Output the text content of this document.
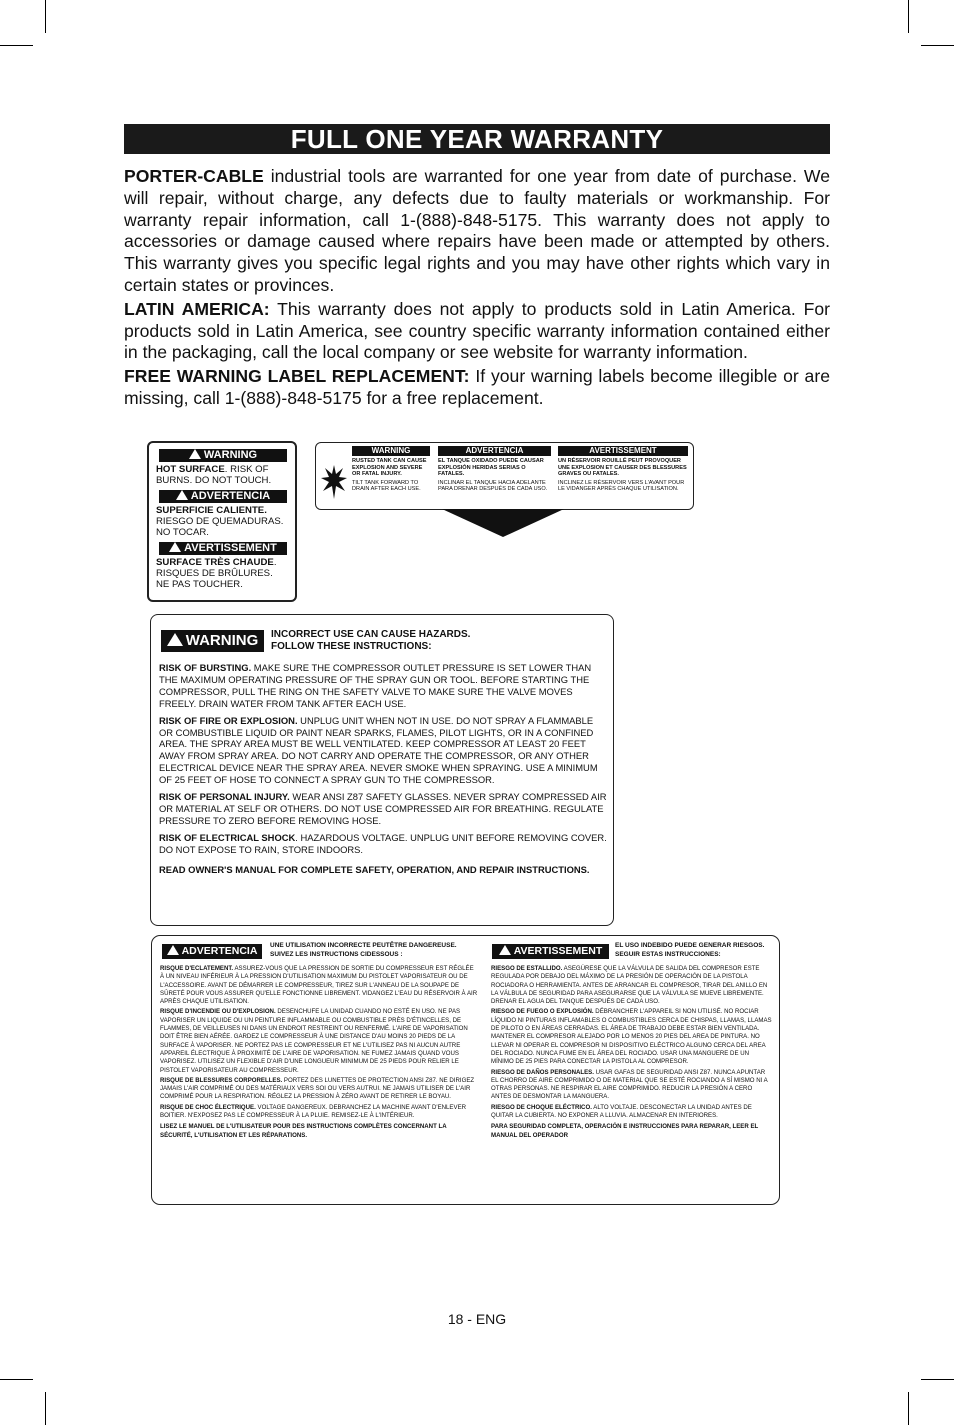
FULL ONE YEAR WARRANTY

PORTER-CABLE industrial tools are warranted for one year from date of purchase. We will repair, without charge, any defects due to faulty materials or workmanship. For warranty repair information, call 1-(888)-848-5175. This warranty does not apply to accessories or damage caused where repairs have been made or attempted by others. This warranty gives you specific legal rights and you may have other rights which vary in certain states or provinces.

LATIN AMERICA: This warranty does not apply to products sold in Latin America. For products sold in Latin America, see country specific warranty information contained either in the packaging, call the local company or see website for warranty information.

FREE WARNING LABEL REPLACEMENT: If your warning labels become illegible or are missing, call 1-(888)-848-5175 for a free replacement.

WARNING
HOT SURFACE. RISK OF BURNS. DO NOT TOUCH.
ADVERTENCIA
SUPERFICIE CALIENTE.
RIESGO DE QUEMADURAS. NO TOCAR.
AVERTISSEMENT
SURFACE TRÈS CHAUDE. RISQUES DE BRÛLURES. NE PAS TOUCHER.
WARNING
RUSTED TANK CAN CAUSE EXPLOSION AND SEVERE OR FATAL INJURY.
TILT TANK FORWARD TO DRAIN AFTER EACH USE.
ADVERTENCIA
EL TANQUE OXIDADO PUEDE CAUSAR EXPLOSIÓN HERIDAS SERIAS O FATALES.
INCLINAR EL TANQUE HACIA ADELANTE PARA DRENAR DESPUÉS DE CADA USO.
AVERTISSEMENT
UN RÉSERVOIR ROUILLÉ PEUT PROVOQUER UNE EXPLOSION ET CAUSER DES BLESSURES GRAVES OU FATALES.
INCLINEZ LE RÉSERVOIR VERS L'AVANT POUR LE VIDANGER APRÈS CHAQUE UTILISATION.
WARNING	INCORRECT USE CAN CAUSE HAZARDS. FOLLOW THESE INSTRUCTIONS:
RISK OF BURSTING. MAKE SURE THE COMPRESSOR OUTLET PRESSURE IS SET LOWER THAN THE MAXIMUM OPERATING PRESSURE OF THE SPRAY GUN OR TOOL. BEFORE STARTING THE COMPRESSOR, PULL THE RING ON THE SAFETY VALVE TO MAKE SURE THE VALVE MOVES FREELY. DRAIN WATER FROM TANK AFTER EACH USE.
RISK OF FIRE OR EXPLOSION. UNPLUG UNIT WHEN NOT IN USE. DO NOT SPRAY A FLAMMABLE OR COMBUSTIBLE LIQUID OR PAINT NEAR SPARKS, FLAMES, PILOT LIGHTS, OR IN A CONFINED AREA. THE SPRAY AREA MUST BE WELL VENTILATED. KEEP COMPRESSOR AT LEAST 20 FEET AWAY FROM SPRAY AREA. DO NOT CARRY AND OPERATE THE COMPRESSOR, OR ANY OTHER ELECTRICAL DEVICE NEAR THE SPRAY AREA. NEVER SMOKE WHEN SPRAYING. USE A MINIMUM OF 25 FEET OF HOSE TO CONNECT A SPRAY GUN TO THE COMPRESSOR.
RISK OF PERSONAL INJURY. WEAR ANSI Z87 SAFETY GLASSES. NEVER SPRAY COMPRESSED AIR OR MATERIAL AT SELF OR OTHERS. DO NOT USE COMPRESSED AIR FOR BREATHING. REGULATE PRESSURE TO ZERO BEFORE REMOVING HOSE.
RISK OF ELECTRICAL SHOCK. HAZARDOUS VOLTAGE. UNPLUG UNIT BEFORE REMOVING COVER. DO NOT EXPOSE TO RAIN, STORE INDOORS.
READ OWNER'S MANUAL FOR COMPLETE SAFETY, OPERATION, AND REPAIR INSTRUCTIONS.
ADVERTENCIA	UNE UTILISATION INCORRECTE PEUTÊTRE DANGEREUSE. SUIVEZ LES INSTRUCTIONS CIDESSOUS :
RISQUE D'ECLATEMENT. ASSUREZ-VOUS QUE LA PRESSION DE SORTIE DU COMPRESSEUR EST RÉGLÉE À UN NIVEAU INFÉRIEUR À LA PRESSION D'UTILISATION MAXIMUM DU PISTOLET VAPORISATEUR OU DE L'ACCESSOIRE. AVANT DE DÉMARRER LE COMPRESSEUR, TIREZ SUR L'ANNEAU DE LA SOUPAPE DE SÛRETÉ POUR VOUS ASSURER QU'ELLE FONCTIONNE LIBREMENT. VIDANGEZ L'EAU DU RÉSERVOIR À AIR APRÈS CHAQUE UTILISATION.
RISQUE D'INCENDIE OU D'EXPLOSION. DESENCHUFE LA UNIDAD CUANDO NO ESTÉ EN USO. NE PAS VAPORISER UN LIQUIDE OU UN PEINTURE INFLAMMABLE OU COMBUSTIBLE PRÈS D'ÉTINCELLES, DE FLAMMES, DE VEILLEUSES NI DANS UN ENDROIT RESTREINT OU RENFERMÉ. L'AIRE DE VAPORISATION DOIT ÊTRE BIEN AÉRÉE. GARDEZ LE COMPRESSEUR À UNE DISTANCE D'AU MOINS 20 PIEDS DE LA SURFACE À VAPORISER. NE PORTEZ PAS LE COMPRESSEUR ET NE L'UTILISEZ PAS NI AUCUN AUTRE APPAREIL ÉLECTRIQUE À PROXIMITÉ DE L'AIRE DE VAPORISATION. NE FUMEZ JAMAIS QUAND VOUS VAPORISEZ. UTILISEZ UN FLEXIBLE D'AIR D'UNE LONGUEUR MINIMUM DE 25 PIEDS POUR RELIER LE PISTOLET VAPORISATEUR AU COMPRESSEUR.
RISQUE DE BLESSURES CORPORELLES. PORTEZ DES LUNETTES DE PROTECTION ANSI Z87. NE DIRIGEZ JAMAIS L'AIR COMPRIMÉ OU DES MATÉRIAUX VERS SOI OU VERS AUTRUI. NE JAMAIS UTILISER DE L'AIR COMPRIMÉ POUR LA RESPIRATION. RÉGLEZ LA PRESSION À ZÉRO AVANT DE RETIRER LE BOYAU.
RISQUE DE CHOC ÉLECTRIQUE. VOLTAGE DANGEREUX. DEBRANCHEZ LA MACHINE AVANT D'ENLEVER BOITIER. N'EXPOSEZ PAS LE COMPRESSEUR À LA PLUIE. REMISEZ-LE À L'INTÉRIEUR.
LISEZ LE MANUEL DE L'UTILISATEUR POUR DES INSTRUCTIONS COMPLÈTES CONCERNANT LA SÉCURITÉ, L'UTILISATION ET LES RÉPARATIONS.
AVERTISSEMENT	EL USO INDEBIDO PUEDE GENERAR RIESGOS. SEGUIR ESTAS INSTRUCCIONES:
RIESGO DE ESTALLIDO. ASEGÚRESE QUE LA VÁLVULA DE SALIDA DEL COMPRESOR ESTE REGULADA POR DEBAJO DEL MÁXIMO DE LA PRESIÓN DE OPERACIÓN DE LA PISTOLA ROCIADORA O HERRAMIENTA. ANTES DE ARRANCAR EL COMPRESOR, TIRAR DEL ANILLO EN LA VÁLBULA DE SEGURIDAD PARA ASEGURARSE QUE LA VÁLVULA SE MUEVE LIBREMENTE. DRENAR EL AGUA DEL TANQUE DESPUÉS DE CADA USO.
RIESGO DE FUEGO O EXPLOSIÓN. DÉBRANCHER L'APPAREIL SI NON UTILISÉ. NO ROCIAR LÍQUIDO NI PINTURAS INFLAMABLES O COMBUSTIBLES CERCA DE CHISPAS, LLAMAS, LLAMAS DE PILOTO O EN ÁREAS CERRADAS. EL ÁREA DE TRABAJO DEBE ESTAR BIEN VENTILADA. MANTENER EL COMPRESOR ALEJADO POR LO MENOS 20 PIES DEL AREA DE PINTURA. NO LLEVAR NI OPERAR EL COMPRESOR NI DISPOSITIVO ELÉCTRICO ALGUNO CERCA DEL AREA DEL ROCIADO. NUNCA FUME EN EL ÁREA DEL ROCIADO. USAR UNA MANGUERE DE UN MÍNIMO DE 25 PIES PARA CONECTAR LA PISTOLA AL COMPRESOR.
RIESGO DE DAÑOS PERSONALES. USAR GAFAS DE SEGURIDAD ANSI Z87. NUNCA APUNTAR EL CHORRO DE AIRE COMPRIMIDO O DE MATERIAL QUE SE ESTÉ ROCIANDO A SÍ MISMO NI A OTRAS PERSONAS. NE RESPIRAR EL AIRE COMPRIMIDO. REDUCIR LA PRESIÓN A CERO ANTES DE DESMONTAR LA MANGUERA.
RIESGO DE CHOQUE ELÉCTRICO. ALTO VOLTAJE. DESCONECTAR LA UNIDAD ANTES DE QUITAR LA CUBIERTA. NO EXPONER A LLUVIA. ALMACENAR EN INTERIORES.
PARA SEGURIDAD COMPLETA, OPERACIÓN E INSTRUCCIONES PARA REPARAR, LEER EL MANUAL DEL OPERADOR
18 - ENG
